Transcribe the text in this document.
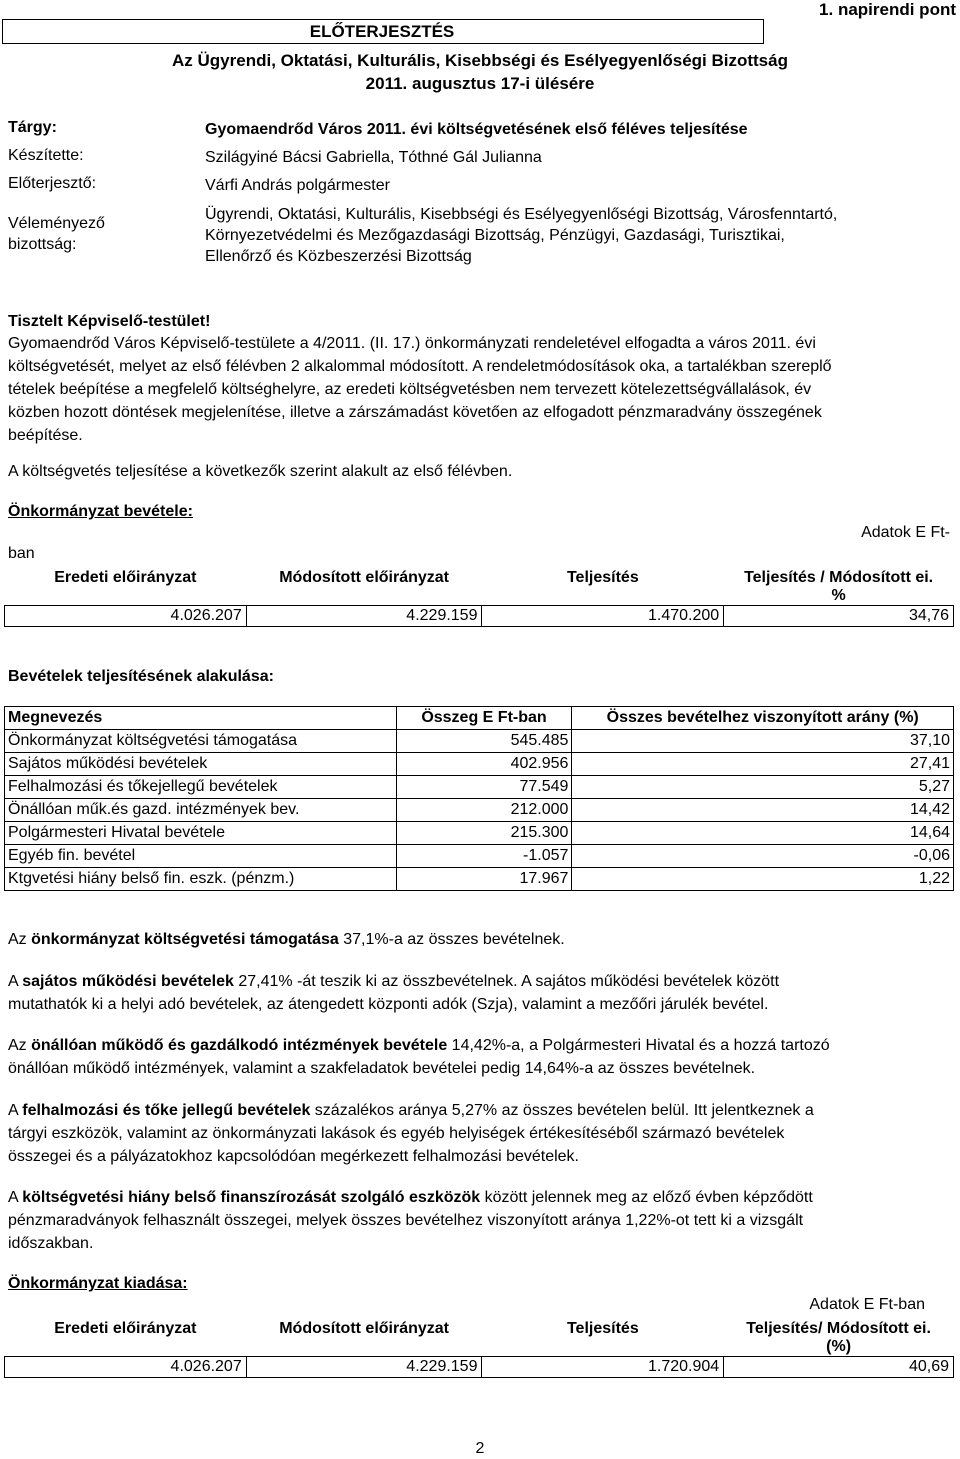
1. napirendi pont
ELŐTERJESZTÉS
Az Ügyrendi, Oktatási, Kulturális, Kisebbségi és Esélyegyenlőségi Bizottság
2011. augusztus 17-i ülésére
Tárgy:	Gyomaendrőd Város 2011. évi költségvetésének első féléves teljesítése
Készítette:	Szilágyiné Bácsi Gabriella, Tóthné Gál Julianna
Előterjesztő:	Várfi András polgármester
Véleményező
bizottság:
Ügyrendi, Oktatási, Kulturális, Kisebbségi és Esélyegyenlőségi Bizottság, Városfenntartó,
Környezetvédelmi és Mezőgazdasági Bizottság, Pénzügyi, Gazdasági, Turisztikai,
Ellenőrző és Közbeszerzési Bizottság
Tisztelt Képviselő-testület!
Gyomaendrőd Város Képviselő-testülete a 4/2011. (II. 17.) önkormányzati rendeletével elfogadta a város 2011. évi
költségvetését, melyet az első félévben 2 alkalommal módosított. A rendeletmódosítások oka, a tartalékban szereplő
tételek beépítése a megfelelő költséghelyre, az eredeti költségvetésben nem tervezett kötelezettségvállalások, év
közben hozott döntések megjelenítése, illetve a zárszámadást követően az elfogadott pénzmaradvány összegének
beépítése.
A költségvetés teljesítése a következők szerint alakult az első félévben.
Önkormányzat bevétele:
Adatok E Ft-
ban
Eredeti előirányzat	Módosított előirányzat	Teljesítés	Teljesítés / Módosított ei.
%

4.026.207	4.229.159	1.470.200	34,76
Bevételek teljesítésének alakulása:
Megnevezés	Összeg E Ft-ban	Összes bevételhez viszonyított arány (%)
Önkormányzat költségvetési támogatása	545.485	37,10
Sajátos működési bevételek	402.956	27,41
Felhalmozási és tőkejellegű bevételek	77.549	5,27
Önállóan műk.és gazd. intézmények bev.	212.000	14,42
Polgármesteri Hivatal bevétele	215.300	14,64
Egyéb fin. bevétel	-1.057	-0,06
Ktgvetési hiány belső fin. eszk. (pénzm.)	17.967	1,22
Az önkormányzat költségvetési támogatása 37,1%-a az összes bevételnek.
A sajátos működési bevételek 27,41% -át teszik ki az összbevételnek. A sajátos működési bevételek között
mutathatók ki a helyi adó bevételek, az átengedett központi adók (Szja), valamint a mezőőri járulék bevétel.
Az önállóan működő és gazdálkodó intézmények bevétele 14,42%-a, a Polgármesteri Hivatal és a hozzá tartozó
önállóan működő intézmények, valamint a szakfeladatok bevételei pedig 14,64%-a az összes bevételnek.
A felhalmozási és tőke jellegű bevételek százalékos aránya 5,27% az összes bevételen belül. Itt jelentkeznek a
tárgyi eszközök, valamint az önkormányzati lakások és egyéb helyiségek értékesítéséből származó bevételek
összegei és a pályázatokhoz kapcsolódóan megérkezett felhalmozási bevételek.
A költségvetési hiány belső finanszírozását szolgáló eszközök között jelennek meg az előző évben képződött
pénzmaradványok felhasznált összegei, melyek összes bevételhez viszonyított aránya 1,22%-ot tett ki a vizsgált
időszakban.
Önkormányzat kiadása:
Adatok E Ft-ban
Eredeti előirányzat	Módosított előirányzat	Teljesítés	Teljesítés/ Módosított ei.
(%)

4.026.207	4.229.159	1.720.904	40,69
2
